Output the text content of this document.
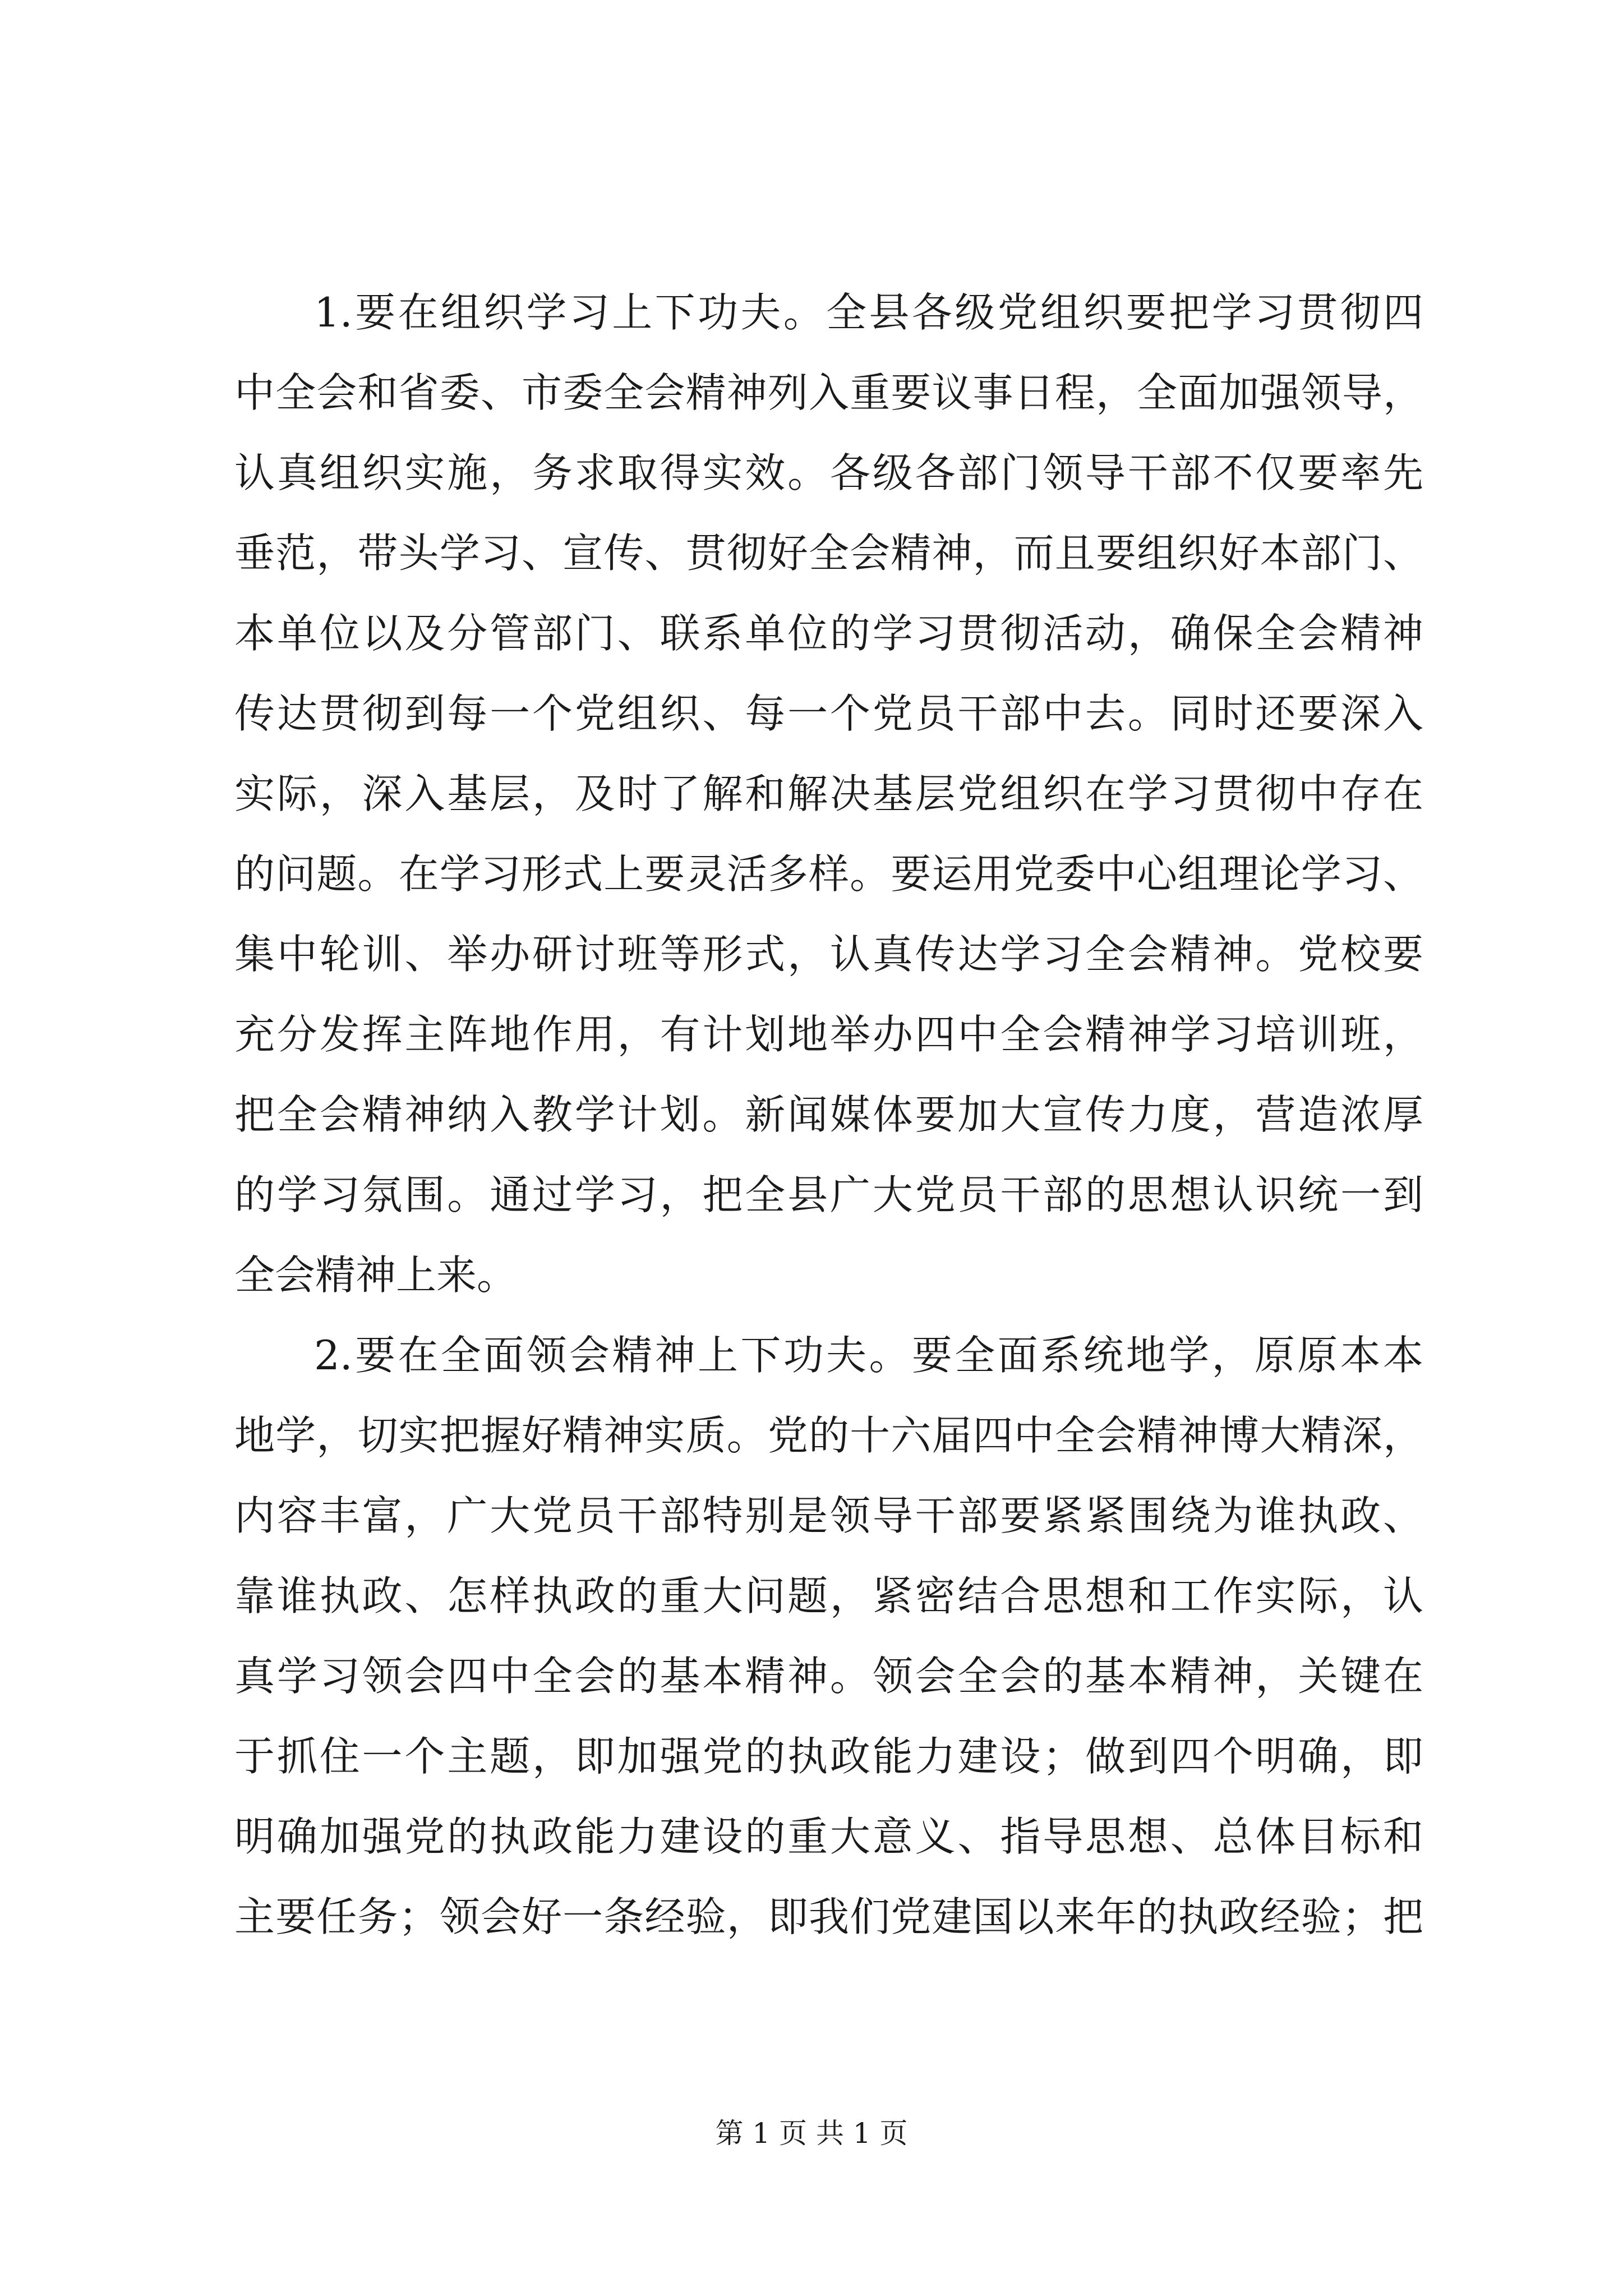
1.要在组织学习上下功夫。全县各级党组织要把学习贯彻四
中全会和省委、市委全会精神列入重要议事日程，全面加强领导，
认真组织实施，务求取得实效。各级各部门领导干部不仅要率先
垂范，带头学习、宣传、贯彻好全会精神，而且要组织好本部门、
本单位以及分管部门、联系单位的学习贯彻活动，确保全会精神
传达贯彻到每一个党组织、每一个党员干部中去。同时还要深入
实际，深入基层，及时了解和解决基层党组织在学习贯彻中存在
的问题。在学习形式上要灵活多样。要运用党委中心组理论学习、
集中轮训、举办研讨班等形式，认真传达学习全会精神。党校要
充分发挥主阵地作用，有计划地举办四中全会精神学习培训班，
把全会精神纳入教学计划。新闻媒体要加大宣传力度，营造浓厚
的学习氛围。通过学习，把全县广大党员干部的思想认识统一到
全会精神上来。
2.要在全面领会精神上下功夫。要全面系统地学，原原本本
地学，切实把握好精神实质。党的十六届四中全会精神博大精深，
内容丰富，广大党员干部特别是领导干部要紧紧围绕为谁执政、
靠谁执政、怎样执政的重大问题，紧密结合思想和工作实际，认
真学习领会四中全会的基本精神。领会全会的基本精神，关键在
于抓住一个主题，即加强党的执政能力建设；做到四个明确，即
明确加强党的执政能力建设的重大意义、指导思想、总体目标和
主要任务；领会好一条经验，即我们党建国以来年的执政经验；把
第 1 页 共 1 页
